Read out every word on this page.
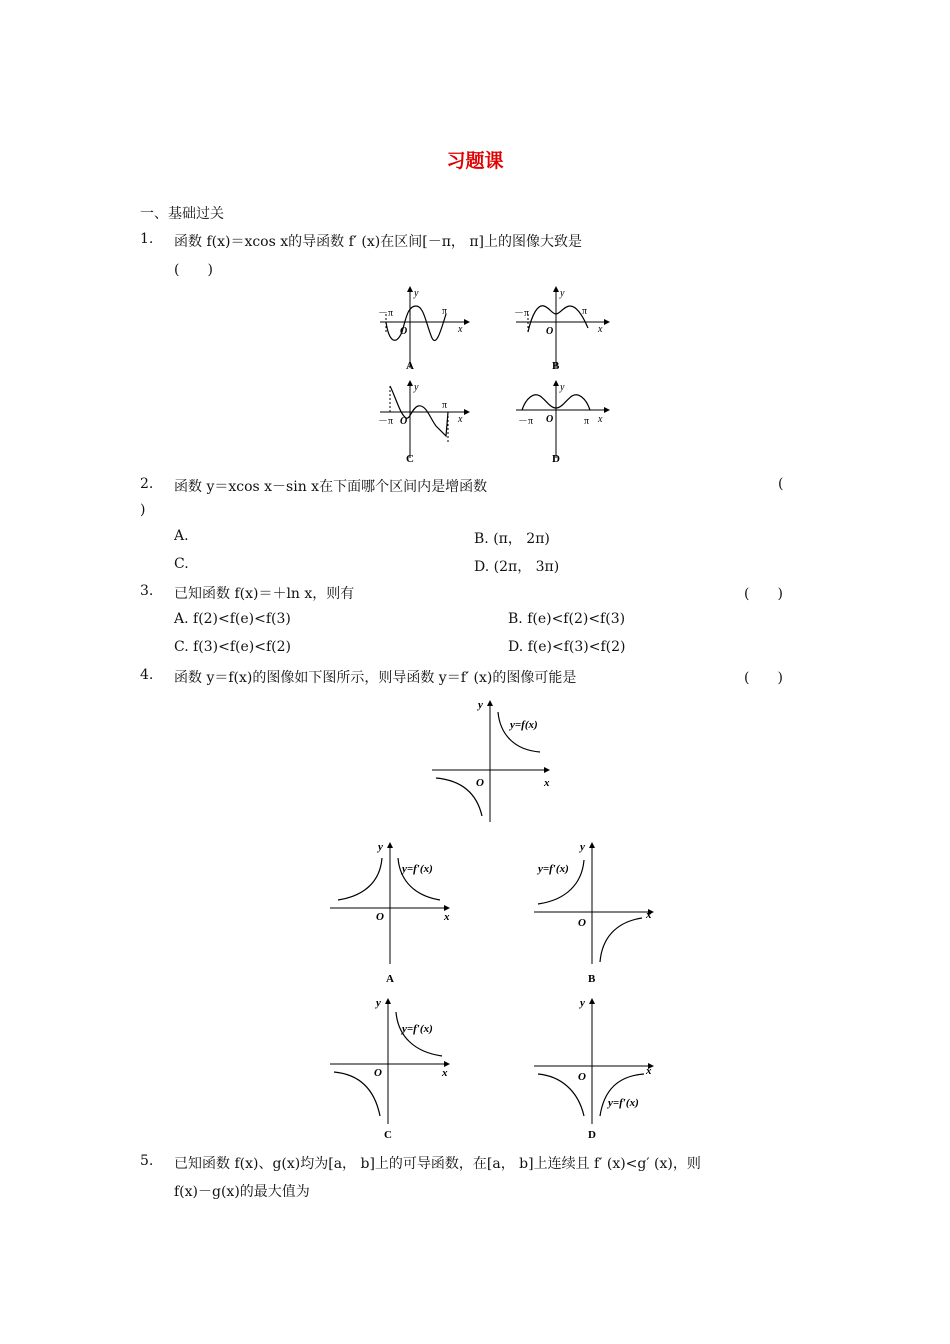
习题课
一、基础过关
1. 函数 f(x)＝xcos x的导函数 f′ (x)在区间[－π， π]上的图像大致是
(　　)
－π	π
y
x
O
A
－π	π
y
x
O
B
－π
π
y
x
O
C
－π	π
y
x
O
D
2. 函数 y＝xcos x－sin x在下面哪个区间内是增函数	(
)
A.	B. (π， 2π)
C.	D. (2π， 3π)
3. 已知函数 f(x)＝＋ln x，则有	(　　)
A. f(2)<f(e)<f(3)	B. f(e)<f(2)<f(3)
C. f(3)<f(e)<f(2)	D. f(e)<f(3)<f(2)
4. 函数 y＝f(x)的图像如下图所示，则导函数 y＝f′ (x)的图像可能是	(　　)
y
x
O
y=f(x)
y
x
O
y=f′(x)
A
y
x
O
y=f′(x)
B
y
x
O
y=f′(x)
C
y
x
O
y=f′(x)
D
5. 已知函数 f(x)、g(x)均为[a， b]上的可导函数，在[a， b]上连续且 f′ (x)<g′ (x)，则
f(x)－g(x)的最大值为
